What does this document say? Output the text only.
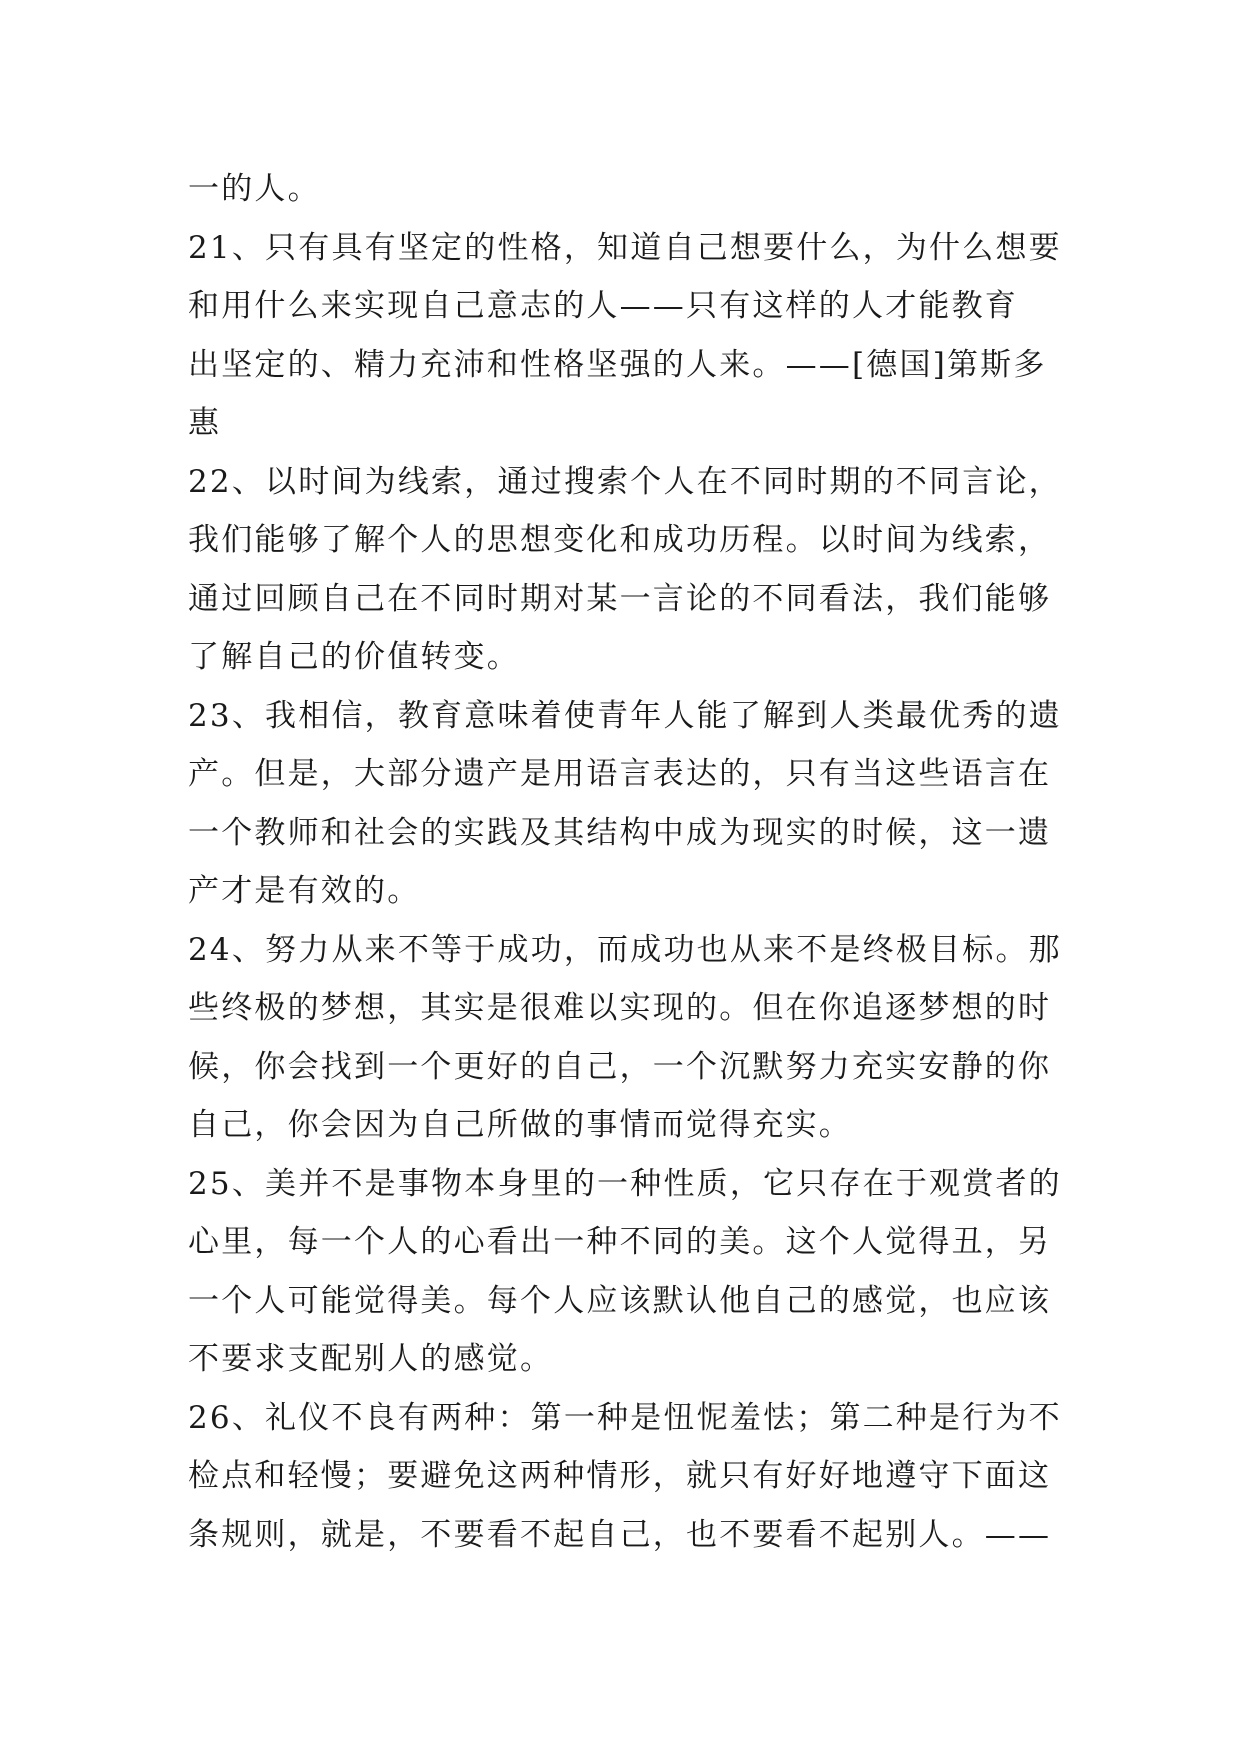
一的人。
21、只有具有坚定的性格，知道自己想要什么，为什么想要
和用什么来实现自己意志的人——只有这样的人才能教育
出坚定的、精力充沛和性格坚强的人来。——[德国]第斯多
惠
22、以时间为线索，通过搜索个人在不同时期的不同言论，
我们能够了解个人的思想变化和成功历程。以时间为线索，
通过回顾自己在不同时期对某一言论的不同看法，我们能够
了解自己的价值转变。
23、我相信，教育意味着使青年人能了解到人类最优秀的遗
产。但是，大部分遗产是用语言表达的，只有当这些语言在
一个教师和社会的实践及其结构中成为现实的时候，这一遗
产才是有效的。
24、努力从来不等于成功，而成功也从来不是终极目标。那
些终极的梦想，其实是很难以实现的。但在你追逐梦想的时
候，你会找到一个更好的自己，一个沉默努力充实安静的你
自己，你会因为自己所做的事情而觉得充实。
25、美并不是事物本身里的一种性质，它只存在于观赏者的
心里，每一个人的心看出一种不同的美。这个人觉得丑，另
一个人可能觉得美。每个人应该默认他自己的感觉，也应该
不要求支配别人的感觉。
26、礼仪不良有两种：第一种是忸怩羞怯；第二种是行为不
检点和轻慢；要避免这两种情形，就只有好好地遵守下面这
条规则，就是，不要看不起自己，也不要看不起别人。——
